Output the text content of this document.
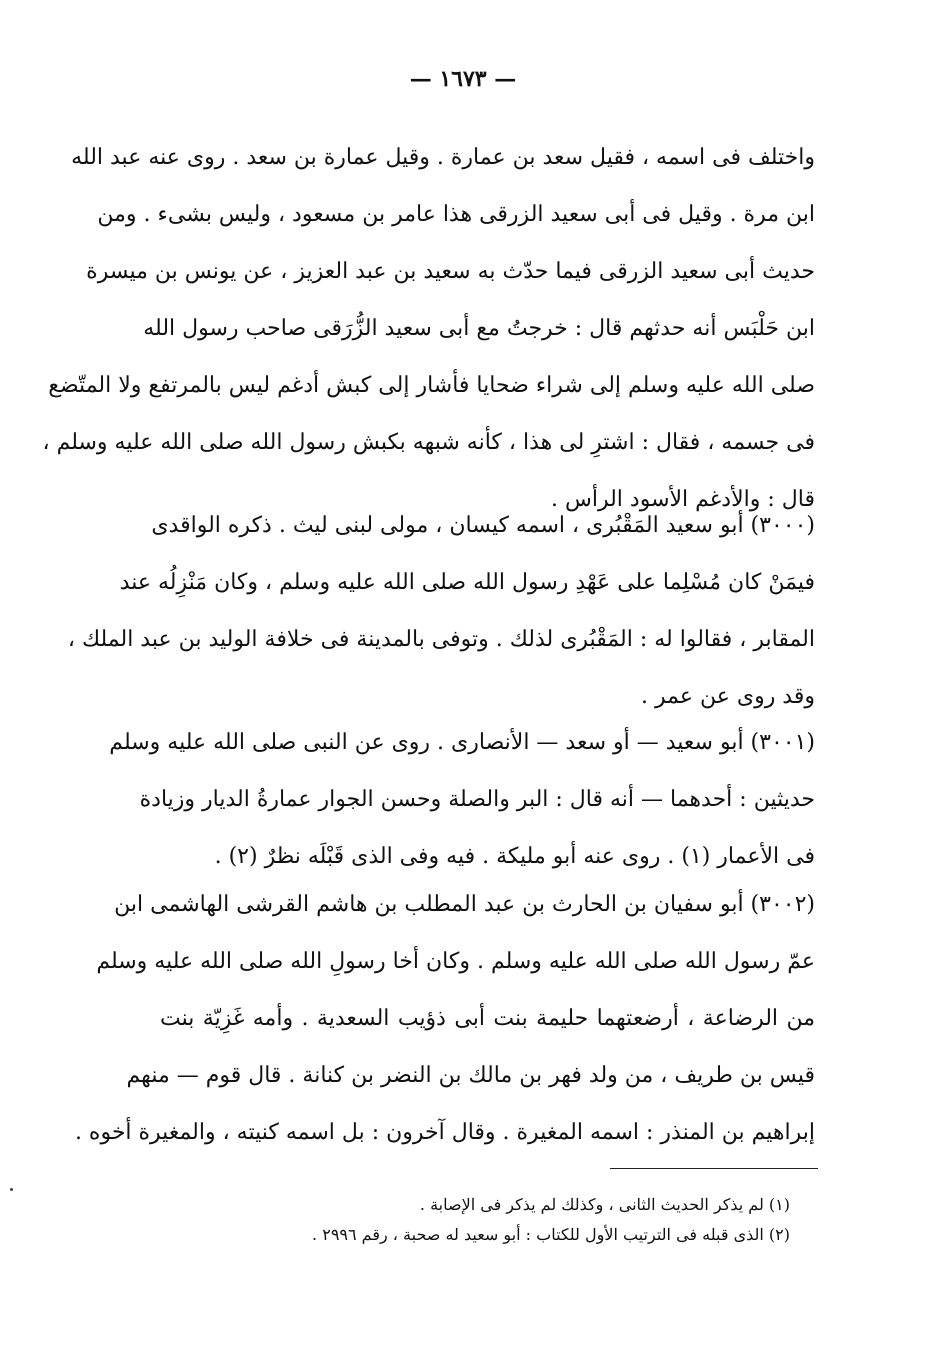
— ١٦٧٣ —
واختلف فى اسمه ، فقيل سعد بن عمارة . وقيل عمارة بن سعد . روى عنه عبد الله
ابن مرة . وقيل فى أبى سعيد الزرقى هذا عامر بن مسعود ، وليس بشىء . ومن
حديث أبى سعيد الزرقى فيما حدّث به سعيد بن عبد العزيز ، عن يونس بن ميسرة
ابن حَلْبَس أنه حدثهم قال : خرجتُ مع أبى سعيد الزُّرَقى صاحب رسول الله
صلى الله عليه وسلم إلى شراء ضحايا فأشار إلى كبش أدغم ليس بالمرتفع ولا المتّضع
فى جسمه ، فقال : اشترِ لى هذا ، كأنه شبهه بكبش رسول الله صلى الله عليه وسلم ،
قال : والأدغم الأسود الرأس .
(٣٠٠٠) أبو سعيد المَقْبُرى ، اسمه كيسان ، مولى لبنى ليث . ذكره الواقدى
فيمَنْ كان مُسْلِما على عَهْدِ رسول الله صلى الله عليه وسلم ، وكان مَنْزِلُه عند
المقابر ، فقالوا له : المَقْبُرى لذلك . وتوفى بالمدينة فى خلافة الوليد بن عبد الملك ،
وقد روى عن عمر .
(٣٠٠١) أبو سعيد — أو سعد — الأنصارى . روى عن النبى صلى الله عليه وسلم
حديثين : أحدهما — أنه قال : البر والصلة وحسن الجوار عمارةُ الديار وزيادة
فى الأعمار (١) . روى عنه أبو مليكة . فيه وفى الذى قَبْلَه نظرٌ (٢) .
(٣٠٠٢) أبو سفيان بن الحارث بن عبد المطلب بن هاشم القرشى الهاشمى ابن
عمّ رسول الله صلى الله عليه وسلم . وكان أخا رسولِ الله صلى الله عليه وسلم
من الرضاعة ، أرضعتهما حليمة بنت أبى ذؤيب السعدية . وأمه غَزِيّة بنت
قيس بن طريف ، من ولد فهر بن مالك بن النضر بن كنانة . قال قوم — منهم
إبراهيم بن المنذر : اسمه المغيرة . وقال آخرون : بل اسمه كنيته ، والمغيرة أخوه .
(١) لم يذكر الحديث الثانى ، وكذلك لم يذكر فى الإصابة .
(٢) الذى قبله فى الترتيب الأول للكتاب : أبو سعيد له صحبة ، رقم ٢٩٩٦ .
